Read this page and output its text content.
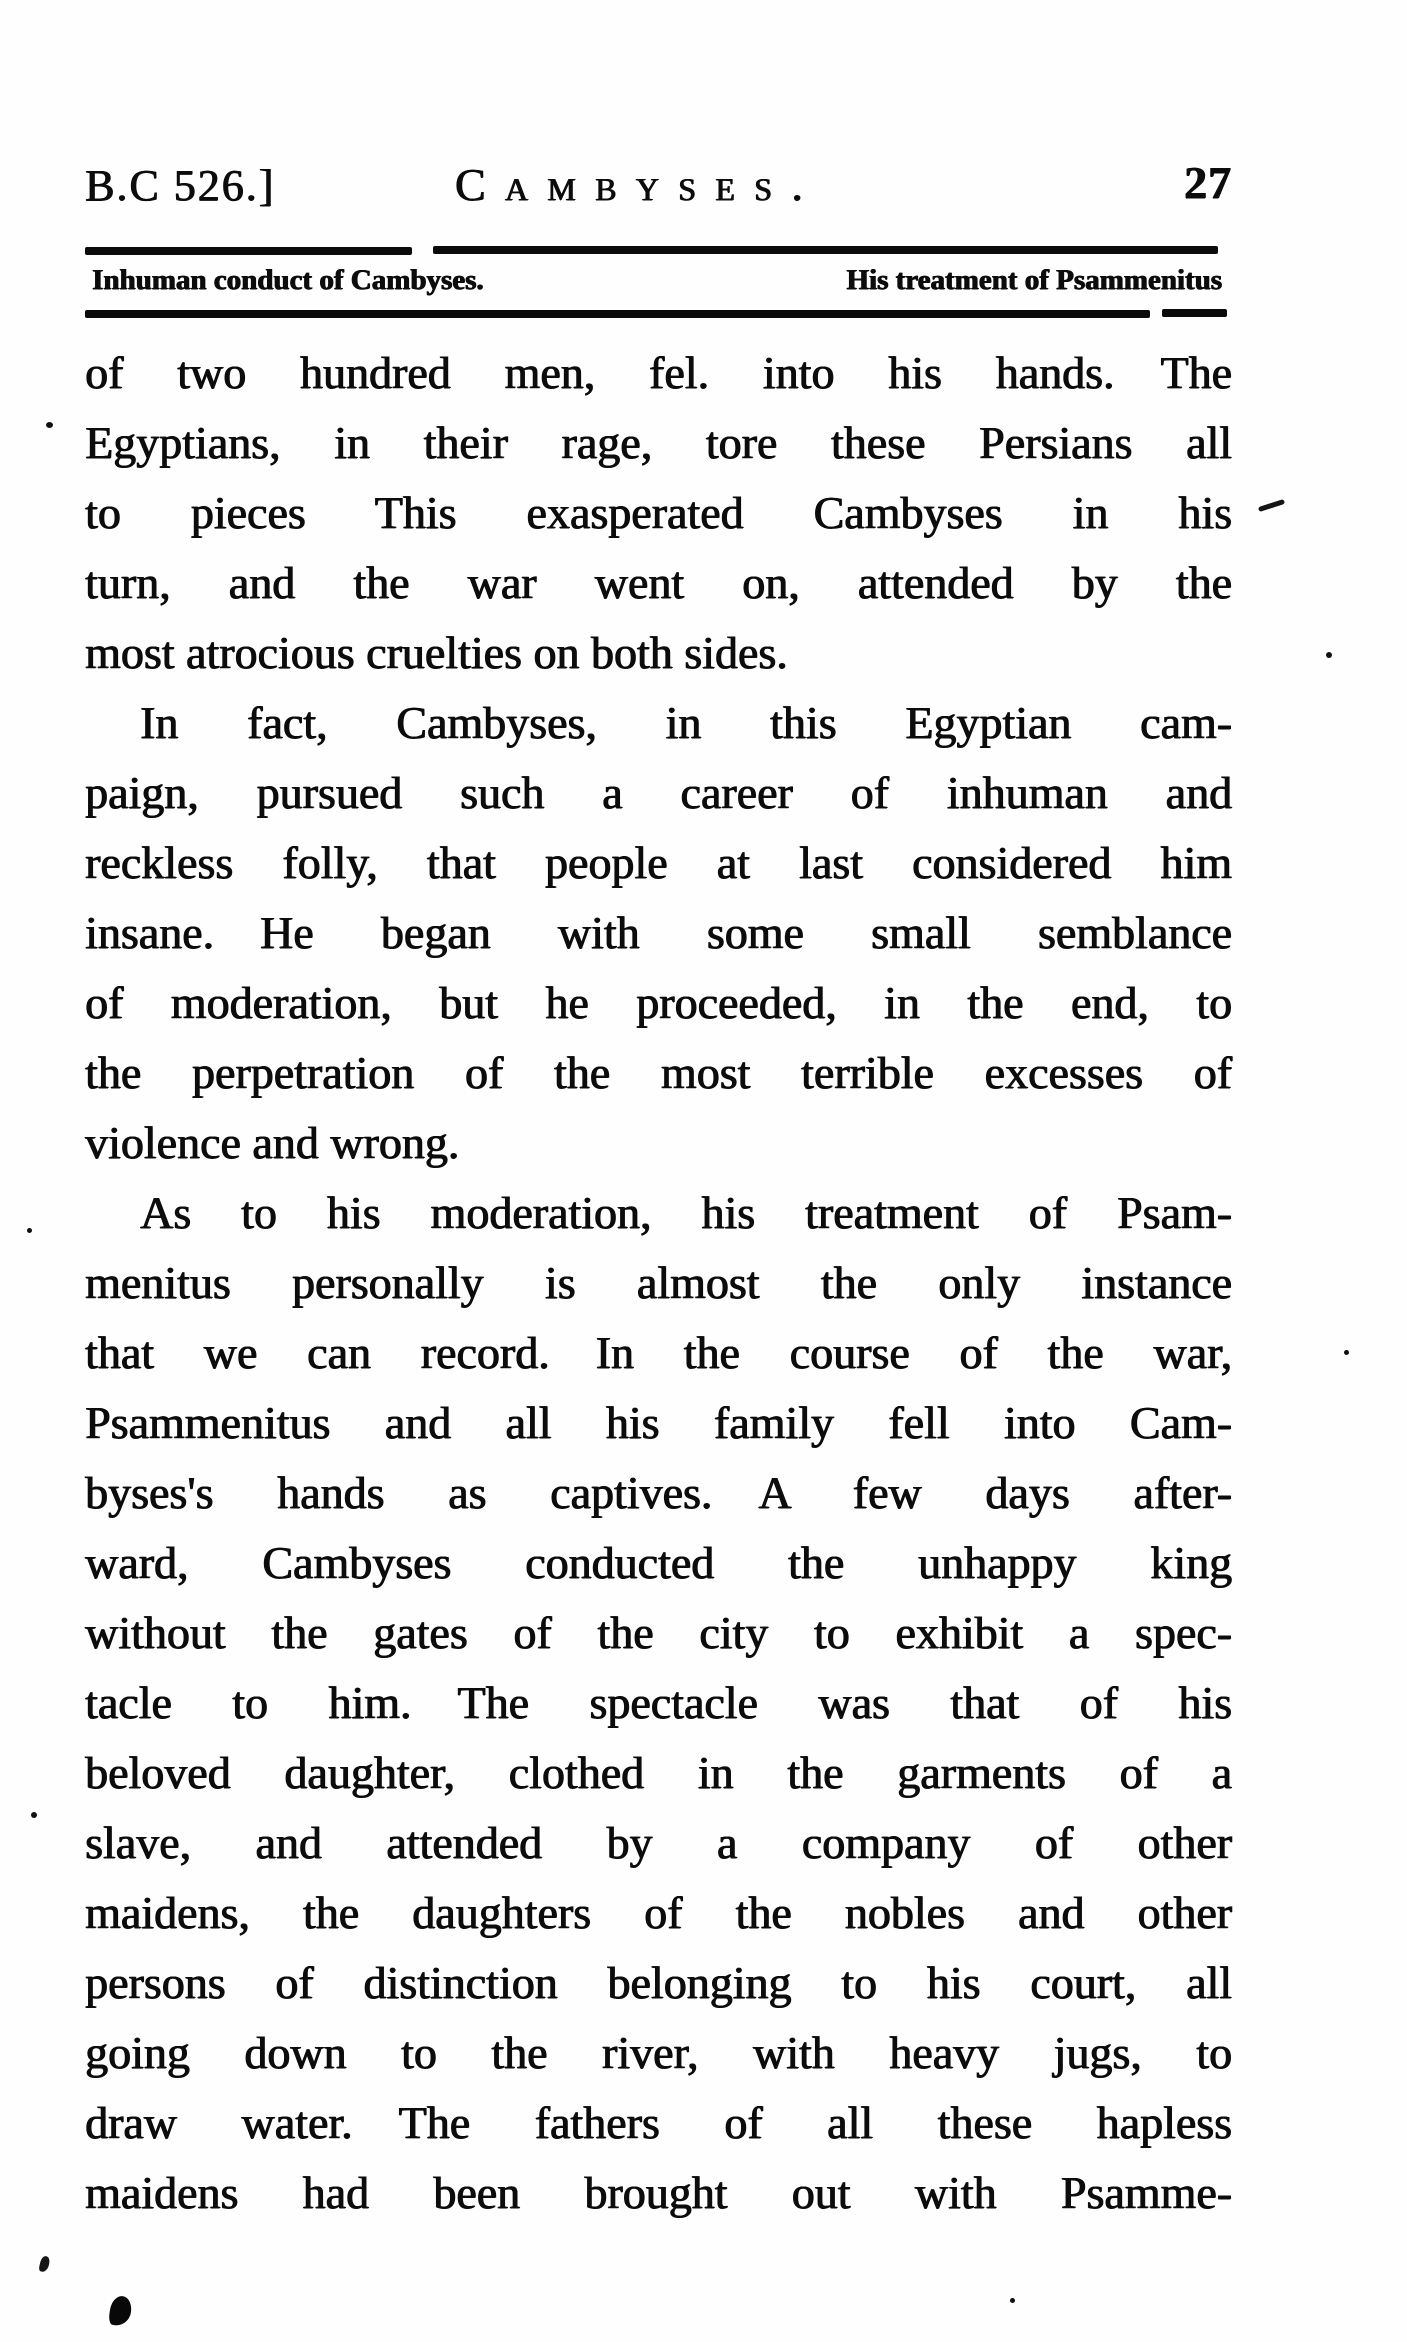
B.C 526.]	Cambyses.	27
Inhuman conduct of Cambyses.	His treatment of Psammenitus
of two hundred men, fel. into his hands. The
Egyptians, in their rage, tore these Persians all
to pieces  This exasperated Cambyses in his
turn, and the war went on, attended by the
most atrocious cruelties on both sides.
In fact, Cambyses, in this Egyptian cam-
paign, pursued such a career of inhuman and
reckless folly, that people at last considered him
insane. He began with some small semblance
of moderation, but he proceeded, in the end, to
the perpetration of the most terrible excesses of
violence and wrong.
As to his moderation, his treatment of Psam-
menitus personally is almost the only instance
that we can record. In the course of the war,
Psammenitus and all his family fell into Cam-
byses's hands as captives. A few days after-
ward, Cambyses conducted the unhappy king
without the gates of the city to exhibit a spec-
tacle to him. The spectacle was that of his
beloved daughter, clothed in the garments of a
slave, and attended by a company of other
maidens, the daughters of the nobles and other
persons of distinction belonging to his court, all
going down to the river, with heavy jugs, to
draw water. The fathers of all these hapless
maidens had been brought out with Psamme-
